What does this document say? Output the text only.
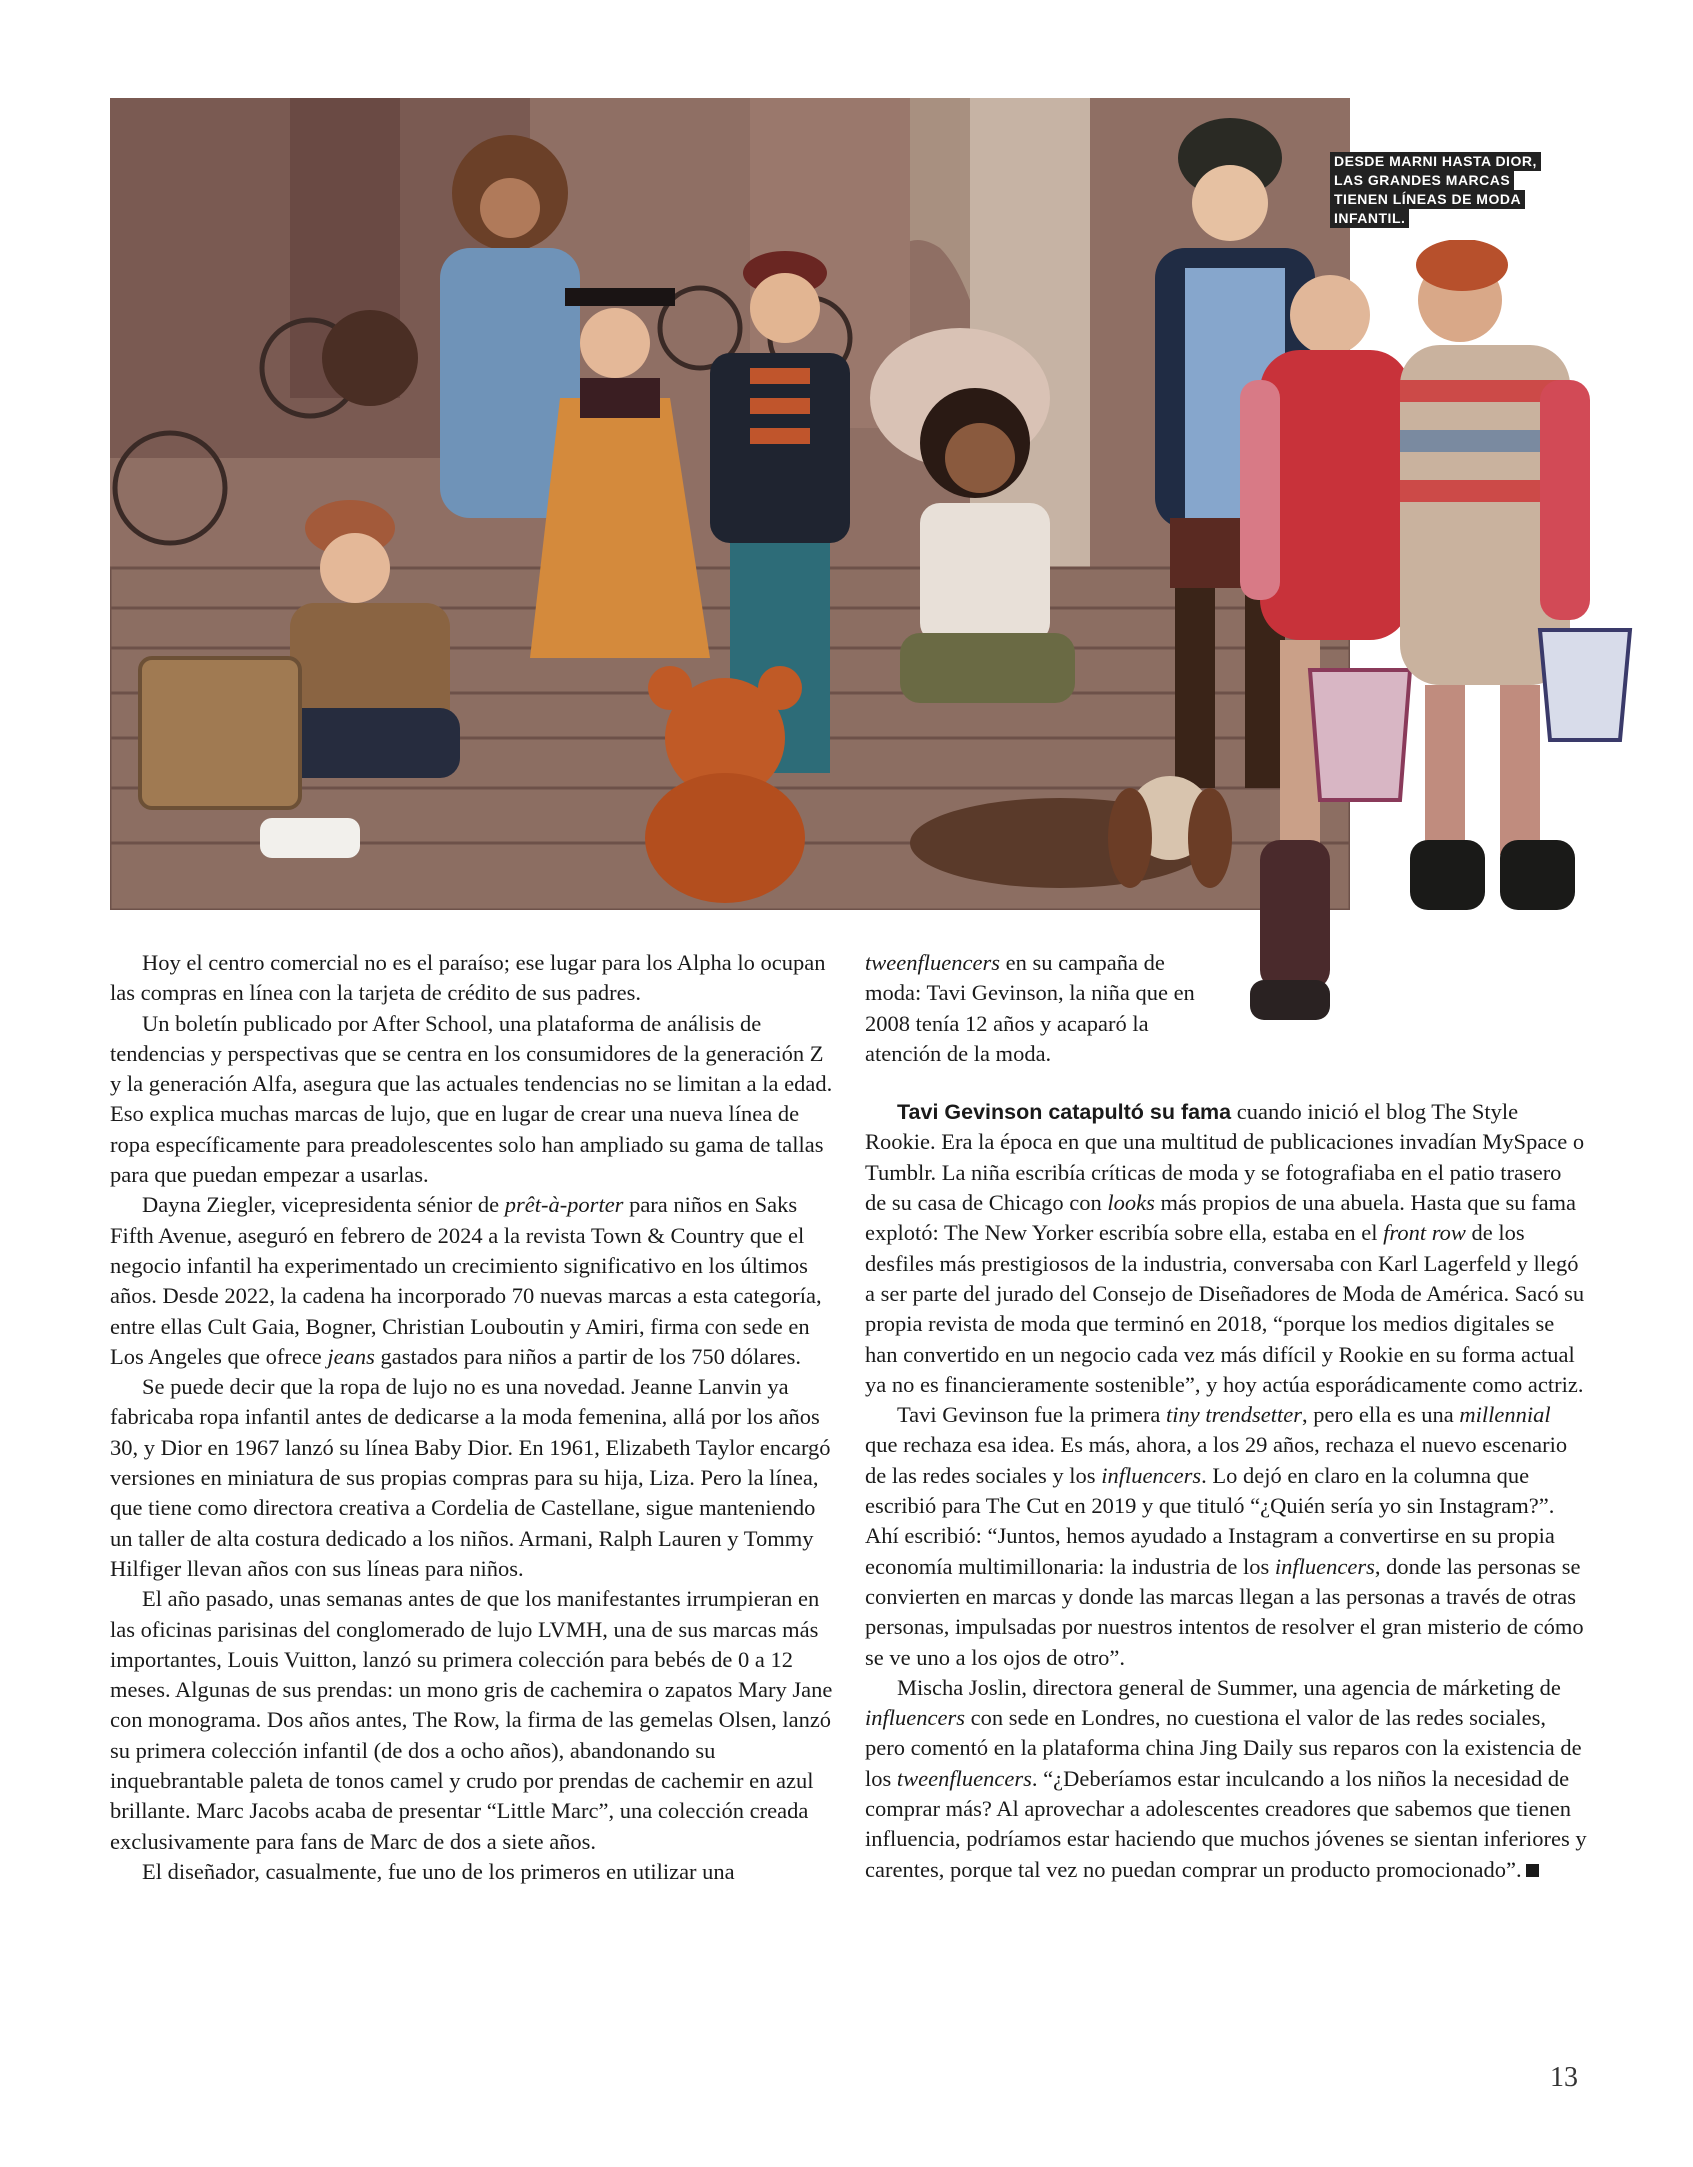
DESDE MARNI HASTA DIOR,
LAS GRANDES MARCAS
TIENEN LÍNEAS DE MODA
INFANTIL.

Hoy el centro comercial no es el paraíso; ese lugar para los Alpha lo ocupan las compras en línea con la tarjeta de crédito de sus padres.

Un boletín publicado por After School, una plataforma de análisis de tendencias y perspectivas que se centra en los consumidores de la generación Z y la generación Alfa, asegura que las actuales tendencias no se limitan a la edad. Eso explica muchas marcas de lujo, que en lugar de crear una nueva línea de ropa específicamente para preadolescentes solo han ampliado su gama de tallas para que puedan empezar a usarlas.

Dayna Ziegler, vicepresidenta sénior de prêt-à-porter para niños en Saks Fifth Avenue, aseguró en febrero de 2024 a la revista Town & Country que el negocio infantil ha experimentado un crecimiento significativo en los últimos años. Desde 2022, la cadena ha incorporado 70 nuevas marcas a esta categoría, entre ellas Cult Gaia, Bogner, Christian Louboutin y Amiri, firma con sede en Los Angeles que ofrece jeans gastados para niños a partir de los 750 dólares.

Se puede decir que la ropa de lujo no es una novedad. Jeanne Lanvin ya fabricaba ropa infantil antes de dedicarse a la moda femenina, allá por los años 30, y Dior en 1967 lanzó su línea Baby Dior. En 1961, Elizabeth Taylor encargó versiones en miniatura de sus propias compras para su hija, Liza. Pero la línea, que tiene como directora creativa a Cordelia de Castellane, sigue manteniendo un taller de alta costura dedicado a los niños. Armani, Ralph Lauren y Tommy Hilfiger llevan años con sus líneas para niños.

El año pasado, unas semanas antes de que los manifestantes irrumpieran en las oficinas parisinas del conglomerado de lujo LVMH, una de sus marcas más importantes, Louis Vuitton, lanzó su primera colección para bebés de 0 a 12 meses. Algunas de sus prendas: un mono gris de cachemira o zapatos Mary Jane con monograma. Dos años antes, The Row, la firma de las gemelas Olsen, lanzó su primera colección infantil (de dos a ocho años), abandonando su inquebrantable paleta de tonos camel y crudo por prendas de cachemir en azul brillante. Marc Jacobs acaba de presentar “Little Marc”, una colección creada exclusivamente para fans de Marc de dos a siete años.

El diseñador, casualmente, fue uno de los primeros en utilizar una

tweenfluencers en su campaña de moda: Tavi Gevinson, la niña que en 2008 tenía 12 años y acaparó la atención de la moda.

Tavi Gevinson catapultó su fama cuando inició el blog The Style Rookie. Era la época en que una multitud de publicaciones invadían MySpace o Tumblr. La niña escribía críticas de moda y se fotografiaba en el patio trasero de su casa de Chicago con looks más propios de una abuela. Hasta que su fama explotó: The New Yorker escribía sobre ella, estaba en el front row de los desfiles más prestigiosos de la industria, conversaba con Karl Lagerfeld y llegó a ser parte del jurado del Consejo de Diseñadores de Moda de América. Sacó su propia revista de moda que terminó en 2018, “porque los medios digitales se han convertido en un negocio cada vez más difícil y Rookie en su forma actual ya no es financieramente sostenible”, y hoy actúa esporádicamente como actriz.

Tavi Gevinson fue la primera tiny trendsetter, pero ella es una millennial que rechaza esa idea. Es más, ahora, a los 29 años, rechaza el nuevo escenario de las redes sociales y los influencers. Lo dejó en claro en la columna que escribió para The Cut en 2019 y que tituló “¿Quién sería yo sin Instagram?”. Ahí escribió: “Juntos, hemos ayudado a Instagram a convertirse en su propia economía multimillonaria: la industria de los influencers, donde las personas se convierten en marcas y donde las marcas llegan a las personas a través de otras personas, impulsadas por nuestros intentos de resolver el gran misterio de cómo se ve uno a los ojos de otro”.

Mischa Joslin, directora general de Summer, una agencia de márketing de influencers con sede en Londres, no cuestiona el valor de las redes sociales, pero comentó en la plataforma china Jing Daily sus reparos con la existencia de los tweenfluencers. “¿Deberíamos estar inculcando a los niños la necesidad de comprar más? Al aprovechar a adolescentes creadores que sabemos que tienen influencia, podríamos estar haciendo que muchos jóvenes se sientan inferiores y carentes, porque tal vez no puedan comprar un producto promocionado”.

13
